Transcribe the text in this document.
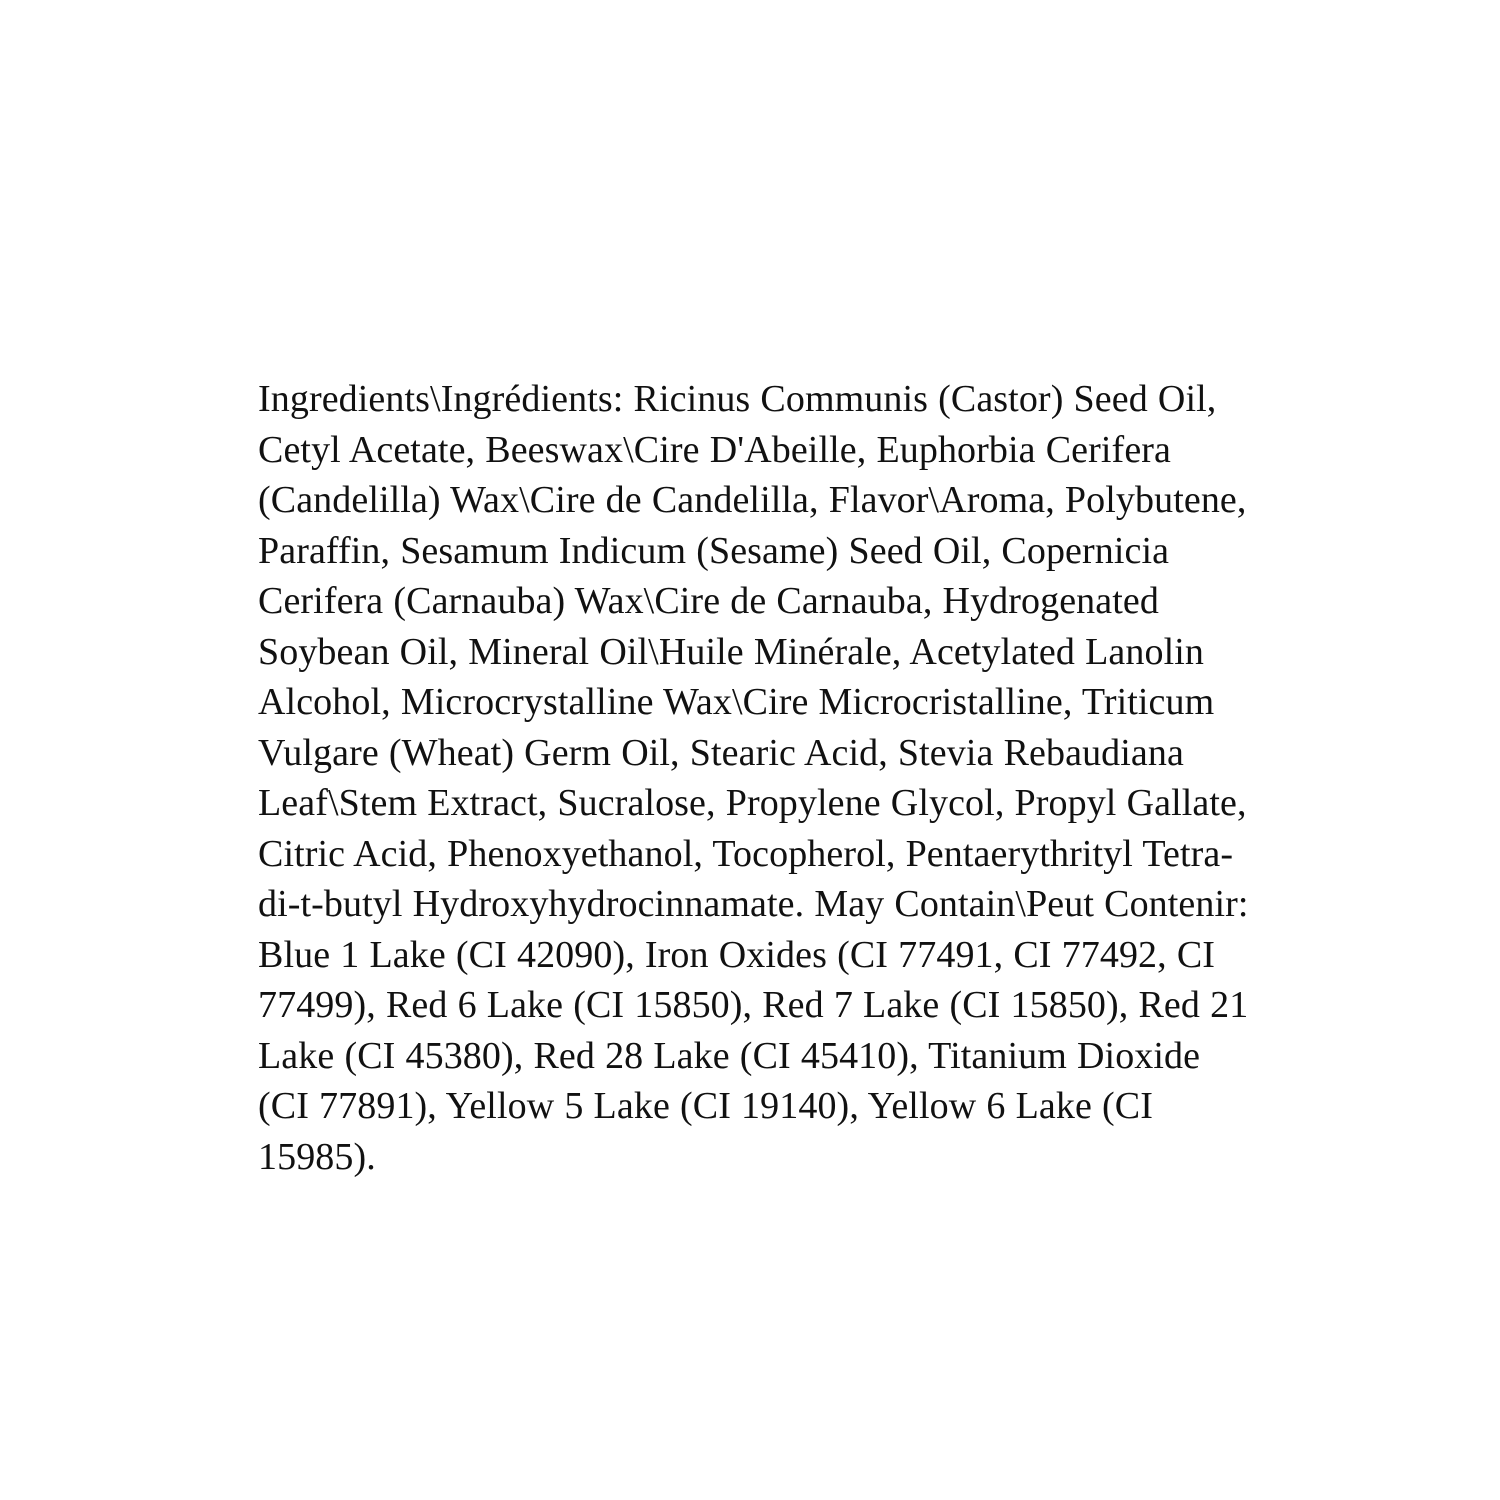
Ingredients\Ingrédients: Ricinus Communis (Castor) Seed Oil, Cetyl Acetate, Beeswax\Cire D'Abeille, Euphorbia Cerifera (Candelilla) Wax\Cire de Candelilla, Flavor\Aroma, Polybutene, Paraffin, Sesamum Indicum (Sesame) Seed Oil, Copernicia Cerifera (Carnauba) Wax\Cire de Carnauba, Hydrogenated Soybean Oil, Mineral Oil\Huile Minérale, Acetylated Lanolin Alcohol, Microcrystalline Wax\Cire Microcristalline, Triticum Vulgare (Wheat) Germ Oil, Stearic Acid, Stevia Rebaudiana Leaf\Stem Extract, Sucralose, Propylene Glycol, Propyl Gallate, Citric Acid, Phenoxyethanol, Tocopherol, Pentaerythrityl Tetra-di-t-butyl Hydroxyhydrocinnamate. May Contain\Peut Contenir: Blue 1 Lake (CI 42090), Iron Oxides (CI 77491, CI 77492, CI 77499), Red 6 Lake (CI 15850), Red 7 Lake (CI 15850), Red 21 Lake (CI 45380), Red 28 Lake (CI 45410), Titanium Dioxide (CI 77891), Yellow 5 Lake (CI 19140), Yellow 6 Lake (CI 15985).
